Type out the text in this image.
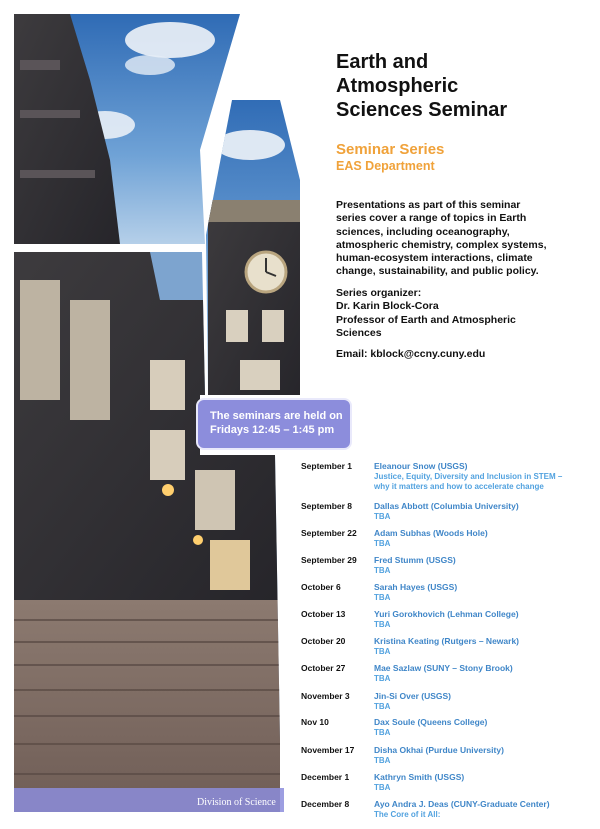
Earth and
Atmospheric
Sciences Seminar
Seminar Series
EAS Department
Presentations as part of this seminar
series cover a range of topics in Earth
sciences, including oceanography,
atmospheric chemistry, complex systems,
human-ecosystem interactions, climate
change, sustainability, and public policy.
Series organizer:
Dr. Karin Block-Cora
Professor of Earth and Atmospheric
Sciences
Email: kblock@ccny.cuny.edu
The seminars are held on
Fridays 12:45 – 1:45 pm
September 1	Eleanour Snow (USGS)
Justice, Equity, Diversity and Inclusion in STEM –
why it matters and how to accelerate change
September 8	Dallas Abbott (Columbia University)
TBA
September 22	Adam Subhas (Woods Hole)
TBA
September 29	Fred Stumm (USGS)
TBA
October 6	Sarah Hayes (USGS)
TBA
October 13	Yuri Gorokhovich (Lehman College)
TBA
October 20	Kristina Keating (Rutgers – Newark)
TBA
October 27	Mae Sazlaw (SUNY – Stony Brook)
TBA
November 3	Jin-Si Over (USGS)
TBA
Nov 10	Dax Soule (Queens College)
TBA
November 17	Disha Okhai (Purdue University)
TBA
December 1	Kathryn Smith (USGS)
TBA
December 8	Ayo Andra J. Deas (CUNY-Graduate Center)
The Core of it All:
Division of Science
